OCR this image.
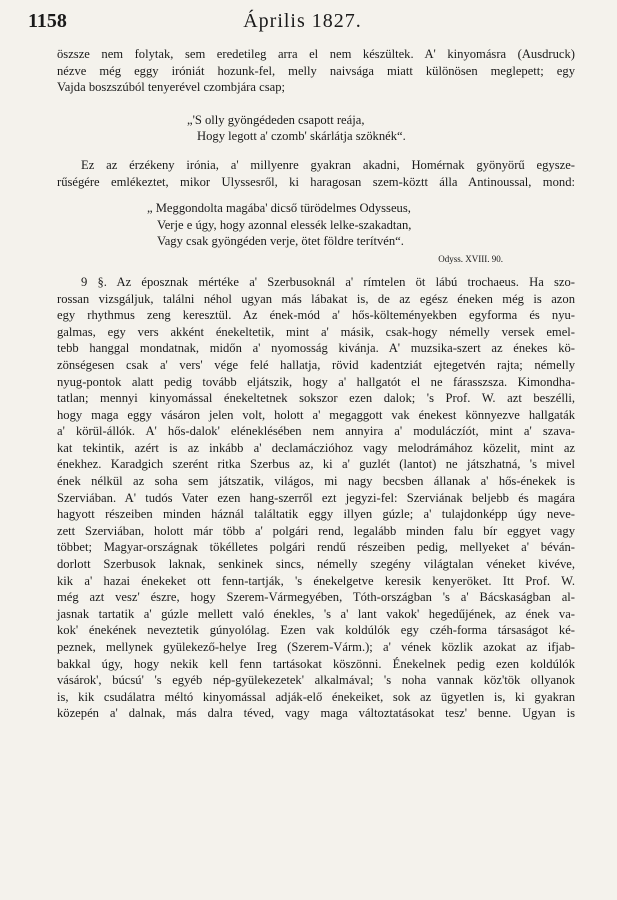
1158	Április 1827.
öszsze nem folytak, sem eredetileg arra el nem készültek. A' kinyomásra (Ausdruck)
nézve még eggy iróniát hozunk-fel, melly naivsága miatt különösen meglepett; egy
Vajda boszszúból tenyerével czombjára csap;
„'S olly gyöngédeden csapott reája,
Hogy legott a' czomb' skárlátja szöknék“.
Ez az érzékeny irónia, a' millyenre gyakran akadni, Homérnak gyönyörű egysze-
rűségére emlékeztet, mikor Ulyssesről, ki haragosan szem-köztt álla Antinoussal, mond:
„ Meggondolta magába' dicső türödelmes Odysseus,
Verje e úgy, hogy azonnal elessék lelke-szakadtan,
Vagy csak gyöngéden verje, ötet földre terítvén“.
Odyss. XVIII. 90.
9 §. Az éposznak mértéke a' Szerbusoknál a' rímtelen öt lábú trochaeus. Ha szo-
rossan vizsgáljuk, találni néhol ugyan más lábakat is, de az egész éneken még is azon
egy rhythmus zeng keresztül. Az ének-mód a' hős-költeményekben egyforma és nyu-
galmas, egy vers akként énekeltetik, mint a' másik, csak-hogy némelly versek emel-
tebb hanggal mondatnak, midőn a' nyomosság kivánja. A' muzsika-szert az énekes kö-
zönségesen csak a' vers' vége felé hallatja, rövid kadentziát ejtegetvén rajta; némelly
nyug-pontok alatt pedig tovább eljátszik, hogy a' hallgatót el ne fárasszsza. Kimondha-
tatlan; mennyi kinyomással énekeltetnek sokszor ezen dalok; 's Prof. W. azt beszélli,
hogy maga eggy vásáron jelen volt, holott a' megaggott vak énekest könnyezve hallgaták
a' körül-állók. A' hős-dalok' eléneklésében nem annyira a' moduláczíót, mint a' szava-
kat tekintik, azért is az inkább a' declamáczióhoz vagy melodrámához közelit, mint az
énekhez. Karadgich szerént ritka Szerbus az, ki a' guzlét (lantot) ne játszhatná, 's mivel
ének nélkül az soha sem játszatik, világos, mi nagy becsben állanak a' hős-énekek is
Szerviában. A' tudós Vater ezen hang-szerről ezt jegyzi-fel: Szerviának beljebb és magára
hagyott részeiben minden háznál találtatik eggy illyen gúzle; a' tulajdonképp úgy neve-
zett Szerviában, holott már több a' polgári rend, legalább minden falu bír eggyet vagy
többet; Magyar-országnak tökélletes polgári rendű részeiben pedig, mellyeket a' béván-
dorlott Szerbusok laknak, senkinek sincs, némelly szegény világtalan véneket kivéve,
kik a' hazai énekeket ott fenn-tartják, 's énekelgetve keresik kenyeröket. Itt Prof. W.
még azt vesz' észre, hogy Szerem-Vármegyében, Tóth-országban 's a' Bácskaságban al-
jasnak tartatik a' gúzle mellett való énekles, 's a' lant vakok' hegedűjének, az ének va-
kok' énekének neveztetik gúnyolólag. Ezen vak koldúlók egy czéh-forma társaságot ké-
peznek, mellynek gyülekező-helye Ireg (Szerem-Várm.); a' vének közlik azokat az ifjab-
bakkal úgy, hogy nekik kell fenn tartásokat köszönni. Énekelnek pedig ezen koldúlók
vásárok', búcsú' 's egyéb nép-gyülekezetek' alkalmával; 's noha vannak köz'tök ollyanok
is, kik csudálatra méltó kinyomással adják-elő énekeiket, sok az ügyetlen is, ki gyakran
közepén a' dalnak, más dalra téved, vagy maga változtatásokat tesz' benne. Ugyan is
